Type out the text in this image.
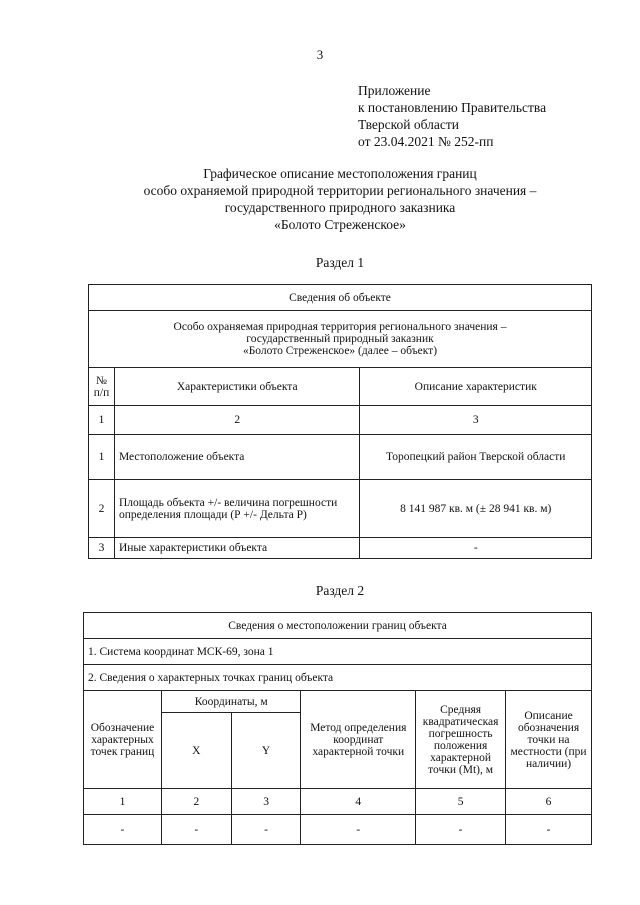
3
Приложение
к постановлению Правительства
Тверской области
от 23.04.2021 № 252-пп
Графическое описание местоположения границ
особо охраняемой природной территории регионального значения –
государственного природного заказника
«Болото Стреженское»
Раздел 1
Сведения об объекте		

Особо охраняемая природная территория регионального значения –
государственный природный заказник
«Болото Стреженское» (далее – объект)		

№ п/п	Характеристики объекта	Описание характеристик
1	2	3
1	Местоположение объекта	Торопецкий район Тверской области
2	Площадь объекта +/- величина погрешности определения площади (Р +/- Дельта Р)	8 141 987 кв. м (± 28 941 кв. м)
3	Иные характеристики объекта	-
Раздел 2
Сведения о местоположении границ объекта					
1. Система координат МСК-69, зона 1					
2. Сведения о характерных точках границ объекта					
Обозначение характерных точек границ	Координаты, м		Метод определения координат характерной точки	Средняя квадратическая погрешность положения характерной точки (Мt), м	Описание обозначения точки на местности (при наличии)
	X	Y			
1	2	3	4	5	6
-	-	-	-	-	-
